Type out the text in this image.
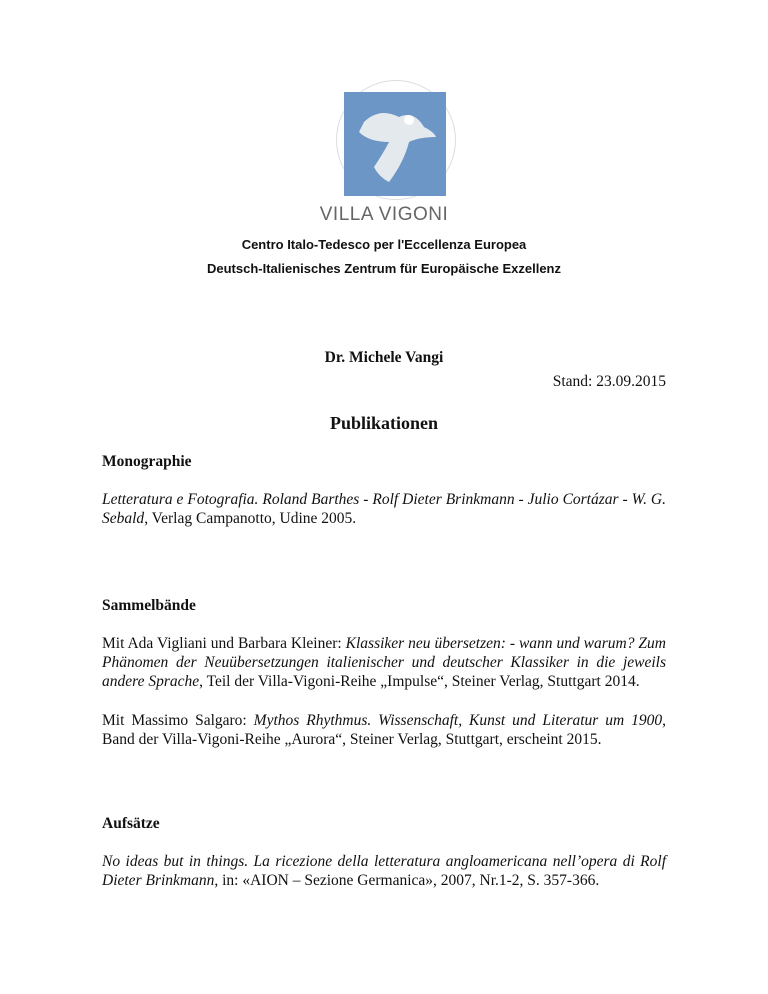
VILLA VIGONI
Centro Italo-Tedesco per l'Eccellenza Europea
Deutsch-Italienisches Zentrum für Europäische Exzellenz
Dr. Michele Vangi
Stand: 23.09.2015
Publikationen
Monographie
Letteratura e Fotografia. Roland Barthes - Rolf Dieter Brinkmann - Julio Cortázar - W. G. Sebald, Verlag Campanotto, Udine 2005.
Sammelbände
Mit Ada Vigliani und Barbara Kleiner: Klassiker neu übersetzen: - wann und warum? Zum Phänomen der Neuübersetzungen italienischer und deutscher Klassiker in die jeweils andere Sprache, Teil der Villa-Vigoni-Reihe „Impulse“, Steiner Verlag, Stuttgart 2014.
Mit Massimo Salgaro: Mythos Rhythmus. Wissenschaft, Kunst und Literatur um 1900, Band der Villa-Vigoni-Reihe „Aurora“, Steiner Verlag, Stuttgart, erscheint 2015.
Aufsätze
No ideas but in things. La ricezione della letteratura angloamericana nell’opera di Rolf Dieter Brinkmann, in: «AION – Sezione Germanica», 2007, Nr.1-2, S. 357-366.
